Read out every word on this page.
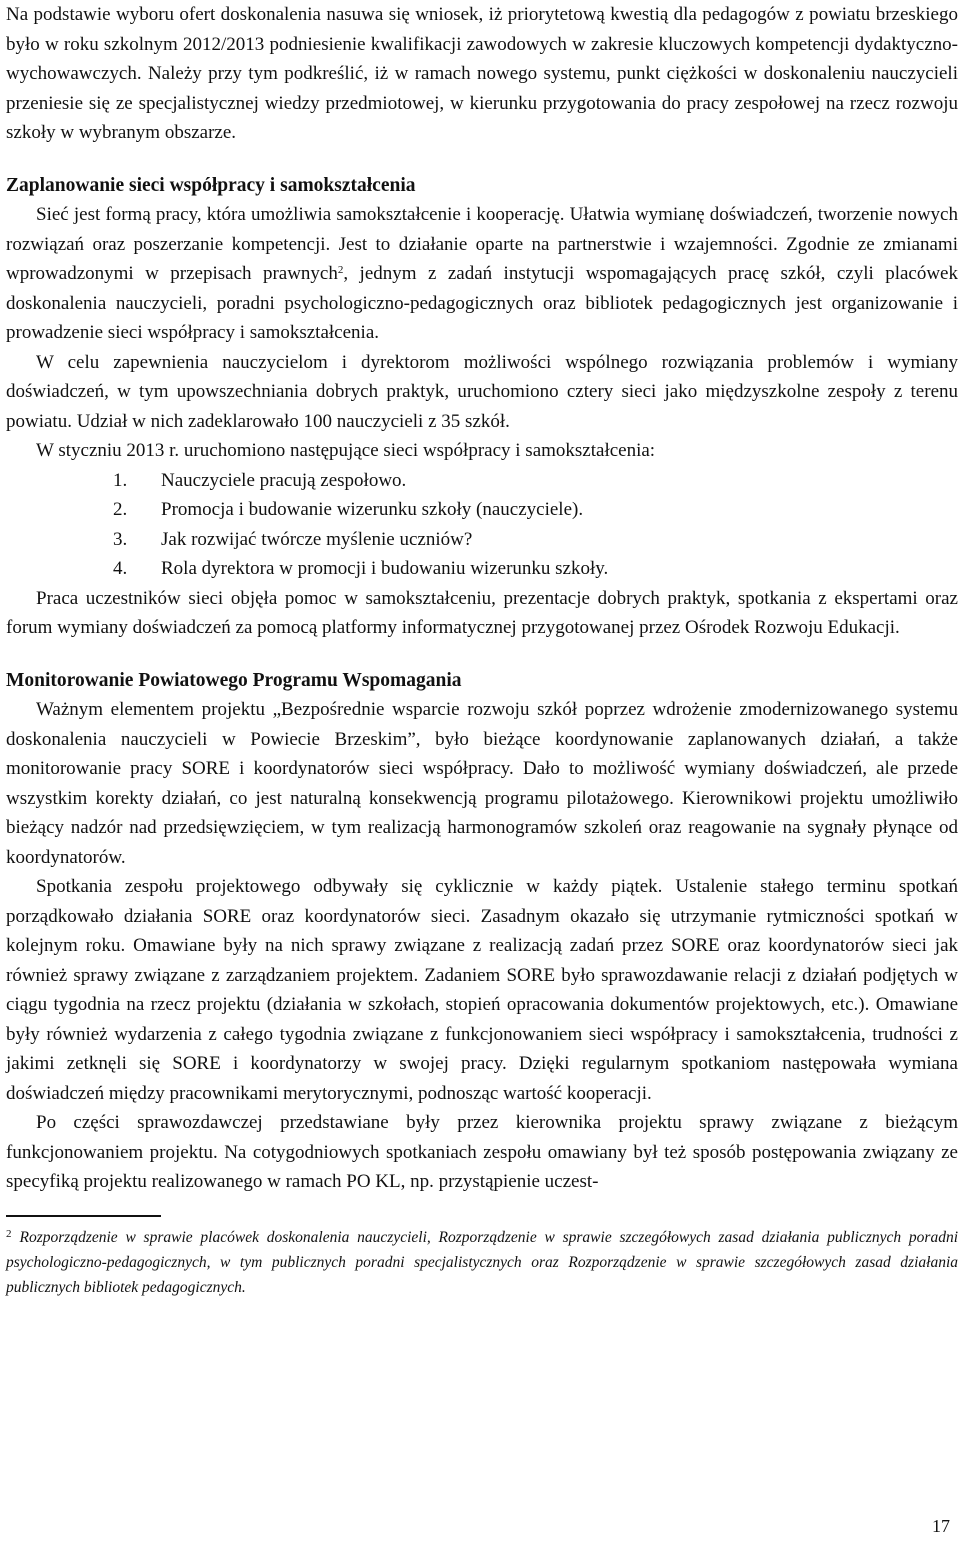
Na podstawie wyboru ofert doskonalenia nasuwa się wniosek, iż priorytetową kwestią dla pedagogów z powiatu brzeskiego było w roku szkolnym 2012/2013 podniesienie kwalifikacji zawodowych w zakresie kluczowych kompetencji dydaktyczno-wychowawczych. Należy przy tym podkreślić, iż w ramach nowego systemu, punkt ciężkości w doskonaleniu nauczycieli przeniesie się ze specjalistycznej wiedzy przedmiotowej, w kierunku przygotowania do pracy zespołowej na rzecz rozwoju szkoły w wybranym obszarze.

Zaplanowanie sieci współpracy i samokształcenia

Sieć jest formą pracy, która umożliwia samokształcenie i kooperację. Ułatwia wymianę doświadczeń, tworzenie nowych rozwiązań oraz poszerzanie kompetencji. Jest to działanie oparte na partnerstwie i wzajemności. Zgodnie ze zmianami wprowadzonymi w przepisach prawnych$^2$, jednym z zadań instytucji wspomagających pracę szkół, czyli placówek doskonalenia nauczycieli, poradni psychologiczno-pedagogicznych oraz bibliotek pedagogicznych jest organizowanie i prowadzenie sieci współpracy i samokształcenia.

W celu zapewnienia nauczycielom i dyrektorom możliwości wspólnego rozwiązania problemów i wymiany doświadczeń, w tym upowszechniania dobrych praktyk, uruchomiono cztery sieci jako międzyszkolne zespoły z terenu powiatu. Udział w nich zadeklarowało 100 nauczycieli z 35 szkół.

W styczniu 2013 r. uruchomiono następujące sieci współpracy i samokształcenia:

1.	Nauczyciele pracują zespołowo.
2.	Promocja i budowanie wizerunku szkoły (nauczyciele).
3.	Jak rozwijać twórcze myślenie uczniów?
4.	Rola dyrektora w promocji i budowaniu wizerunku szkoły.

Praca uczestników sieci objęła pomoc w samokształceniu, prezentacje dobrych praktyk, spotkania z ekspertami oraz forum wymiany doświadczeń za pomocą platformy informatycznej przygotowanej przez Ośrodek Rozwoju Edukacji.

Monitorowanie Powiatowego Programu Wspomagania

Ważnym elementem projektu „Bezpośrednie wsparcie rozwoju szkół poprzez wdrożenie zmodernizowanego systemu doskonalenia nauczycieli w Powiecie Brzeskim”, było bieżące koordynowanie zaplanowanych działań, a także monitorowanie pracy SORE i koordynatorów sieci współpracy. Dało to możliwość wymiany doświadczeń, ale przede wszystkim korekty działań, co jest naturalną konsekwencją programu pilotażowego. Kierownikowi projektu umożliwiło bieżący nadzór nad przedsięwzięciem, w tym realizacją harmonogramów szkoleń oraz reagowanie na sygnały płynące od koordynatorów.

Spotkania zespołu projektowego odbywały się cyklicznie w każdy piątek. Ustalenie stałego terminu spotkań porządkowało działania SORE oraz koordynatorów sieci. Zasadnym okazało się utrzymanie rytmiczności spotkań w kolejnym roku. Omawiane były na nich sprawy związane z realizacją zadań przez SORE oraz koordynatorów sieci jak również sprawy związane z zarządzaniem projektem. Zadaniem SORE było sprawozdawanie relacji z działań podjętych w ciągu tygodnia na rzecz projektu (działania w szkołach, stopień opracowania dokumentów projektowych, etc.). Omawiane były również wydarzenia z całego tygodnia związane z funkcjonowaniem sieci współpracy i samokształcenia, trudności z jakimi zetknęli się SORE i koordynatorzy w swojej pracy. Dzięki regularnym spotkaniom następowała wymiana doświadczeń między pracownikami merytorycznymi, podnosząc wartość kooperacji.

Po części sprawozdawczej przedstawiane były przez kierownika projektu sprawy związane z bieżącym funkcjonowaniem projektu. Na cotygodniowych spotkaniach zespołu omawiany był też sposób postępowania związany ze specyfiką projektu realizowanego w ramach PO KL, np. przystąpienie uczest-

$^2$ Rozporządzenie w sprawie placówek doskonalenia nauczycieli, Rozporządzenie w sprawie szczegółowych zasad działania publicznych poradni psychologiczno-pedagogicznych, w tym publicznych poradni specjalistycznych oraz Rozporządzenie w sprawie szczegółowych zasad działania publicznych bibliotek pedagogicznych.

17
